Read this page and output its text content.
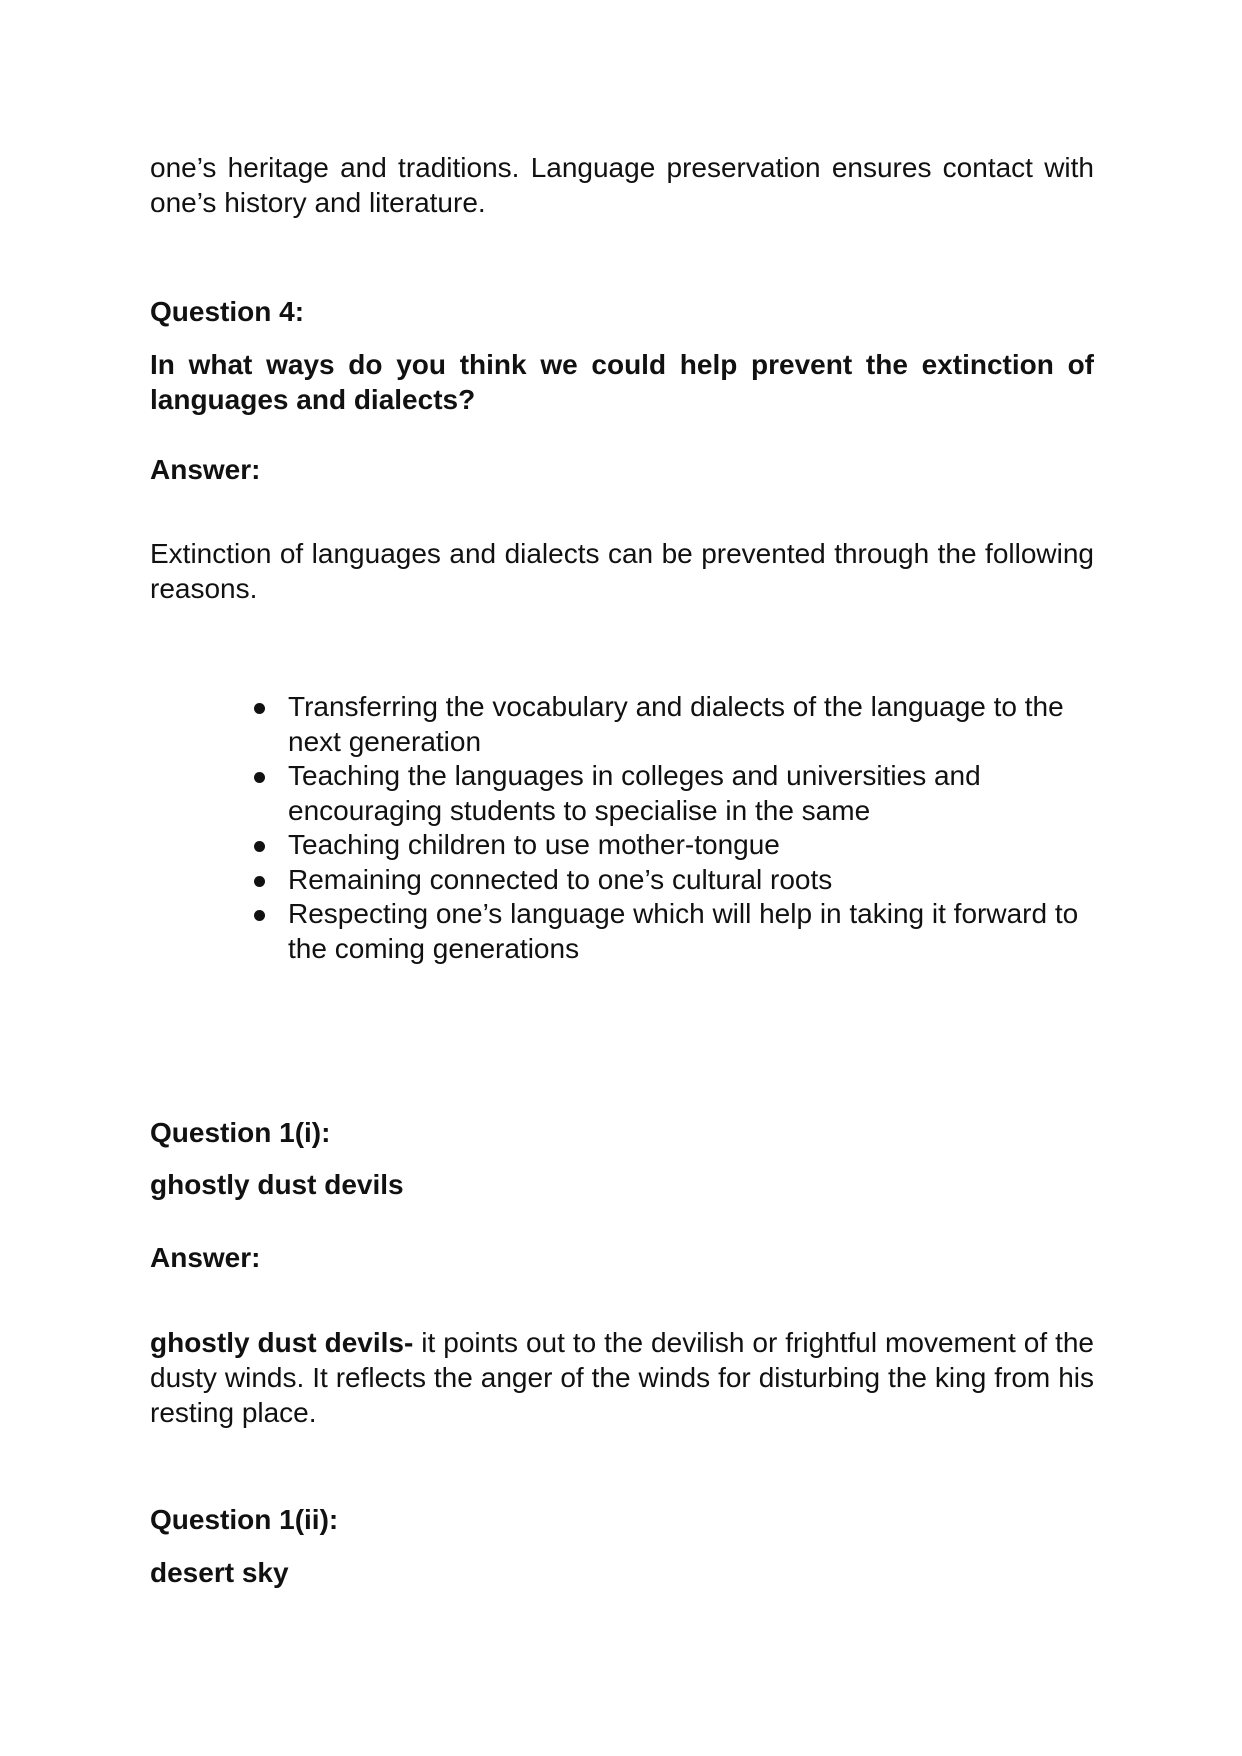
one’s heritage and traditions. Language preservation ensures contact with one’s history and literature.

Question 4:

In what ways do you think we could help prevent the extinction of languages and dialects?

Answer:

Extinction of languages and dialects can be prevented through the following reasons.

Transferring the vocabulary and dialects of the language to the next generation
Teaching the languages in colleges and universities and encouraging students to specialise in the same
Teaching children to use mother-tongue
Remaining connected to one’s cultural roots
Respecting one’s language which will help in taking it forward to the coming generations

Question 1(i):

ghostly dust devils

Answer:

ghostly dust devils- it points out to the devilish or frightful movement of the dusty winds. It reflects the anger of the winds for disturbing the king from his resting place.

Question 1(ii):

desert sky
